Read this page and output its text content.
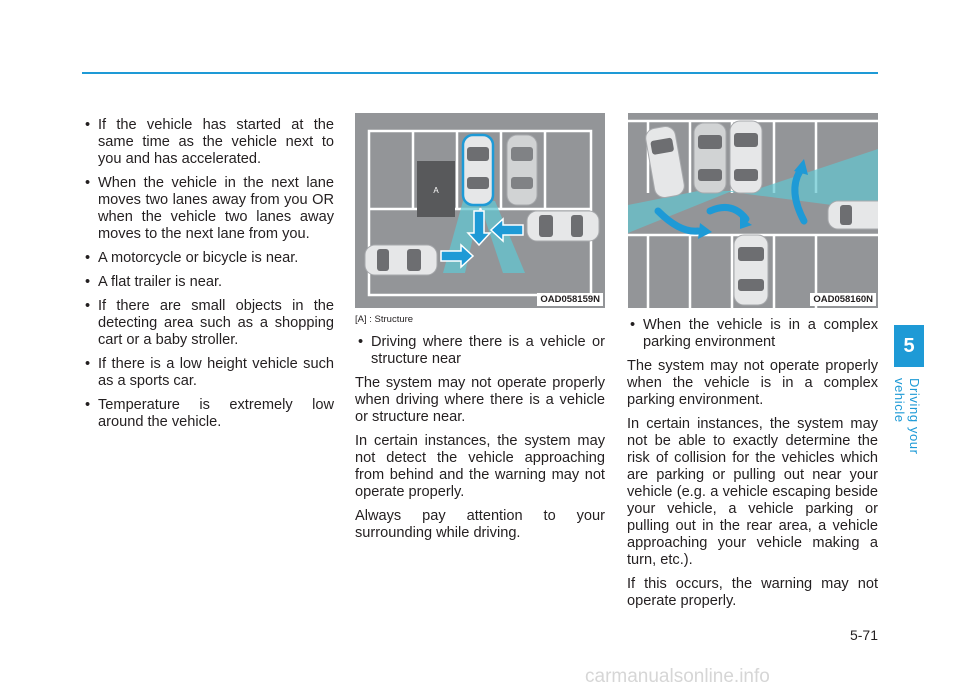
• If the vehicle has started at the same time as the vehicle next to you and has accelerated.
• When the vehicle in the next lane moves two lanes away from you OR when the vehicle two lanes away moves to the next lane from you.
• A motorcycle or bicycle is near.
• A flat trailer is near.
• If there are small objects in the detecting area such as a shopping cart or a baby stroller.
• If there is a low height vehicle such as a sports car.
• Temperature is extremely low around the vehicle.
A
OAD058159N
[A] : Structure
OAD058160N
• Driving where there is a vehicle or structure near

The system may not operate properly when driving where there is a vehicle or structure near.

In certain instances, the system may not detect the vehicle approaching from behind and the warning may not operate properly.

Always pay attention to your surrounding while driving.

• When the vehicle is in a complex parking environment

The system may not operate properly when the vehicle is in a complex parking environment.

In certain instances, the system may not be able to exactly determine the risk of collision for the vehicles which are parking or pulling out near your vehicle (e.g. a vehicle escaping beside your vehicle, a vehicle parking or pulling out in the rear area, a vehicle approaching your vehicle making a turn, etc.).

If this occurs, the warning may not operate properly.

5
Driving your vehicle
5-71
carmanualsonline.info
